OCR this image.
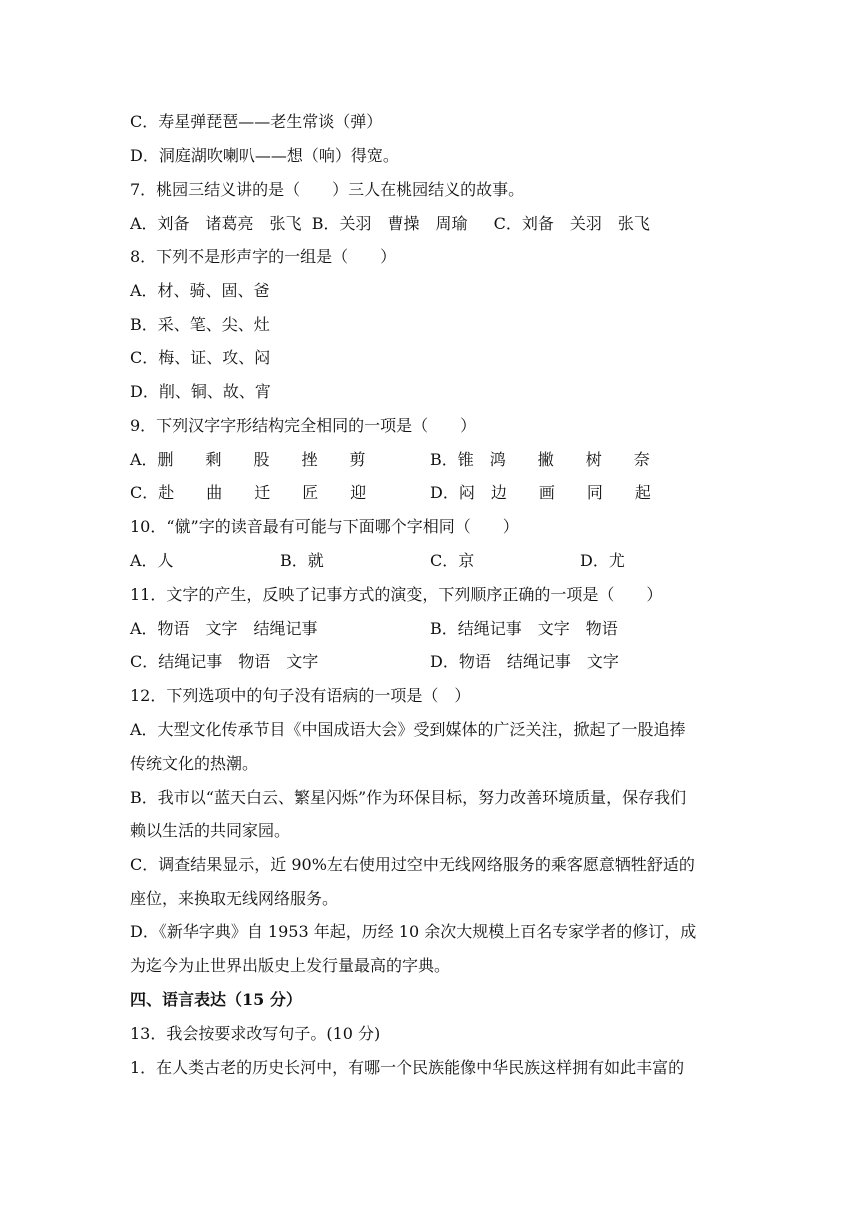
C．寿星弹琵琶——老生常谈（弹）
D．洞庭湖吹喇叭——想（响）得宽。
7．桃园三结义讲的是（　　）三人在桃园结义的故事。
A．刘备　诸葛亮　张飞  B．关羽　曹操　周瑜　  C．刘备　关羽　张飞
8．下列不是形声字的一组是（　　）
A．材、骑、固、爸
B．采、笔、尖、灶
C．梅、证、攻、闷
D．削、铜、故、宵
9．下列汉字字形结构完全相同的一项是（　　）
A．删　　剩　　股　　挫　　剪	B．锥　鸿　　撇　　树　　奈
C．赴　　曲　　迁　　匠　　迎	D．闷　边　　画　　同　　起
10．“僦”字的读音最有可能与下面哪个字相同（　　）
A．人	B．就	C．京	D．尤
11．文字的产生，反映了记事方式的演变，下列顺序正确的一项是（　　）
A．物语　文字　结绳记事	B．结绳记事　文字　物语
C．结绳记事　物语　文字	D．物语　结绳记事　文字
12．下列选项中的句子没有语病的一项是（　）
A．大型文化传承节目《中国成语大会》受到媒体的广泛关注，掀起了一股追捧
传统文化的热潮。
B．我市以“蓝天白云、繁星闪烁”作为环保目标，努力改善环境质量，保存我们
赖以生活的共同家园。
C．调查结果显示，近 90%左右使用过空中无线网络服务的乘客愿意牺牲舒适的
座位，来换取无线网络服务。
D．《新华字典》自 1953 年起，历经 10 余次大规模上百名专家学者的修订，成
为迄今为止世界出版史上发行量最高的字典。
四、语言表达（15 分）
13．我会按要求改写句子。(10 分)
1．在人类古老的历史长河中，有哪一个民族能像中华民族这样拥有如此丰富的
